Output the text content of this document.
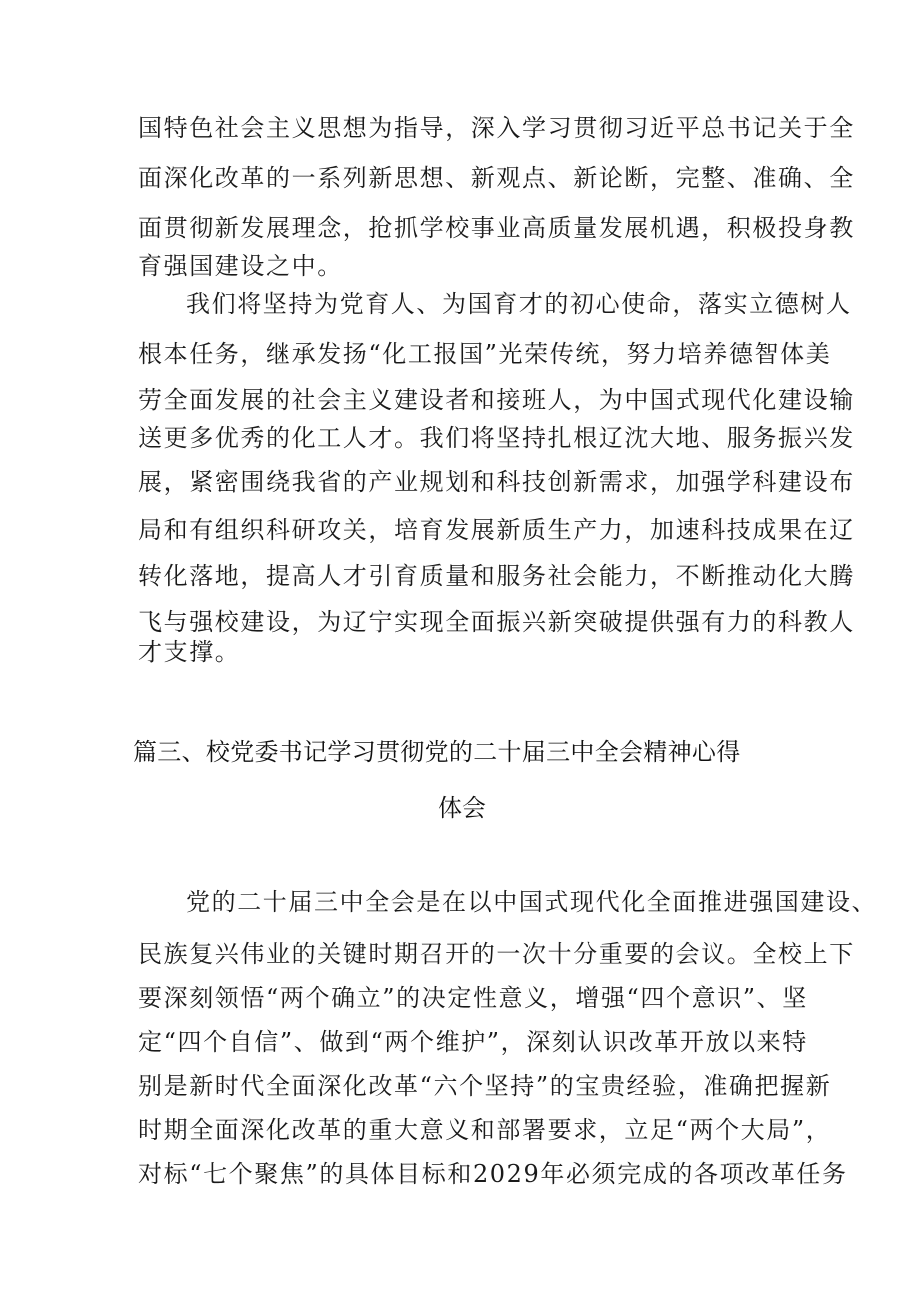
国特色社会主义思想为指导，深入学习贯彻习近平总书记关于全
面深化改革的一系列新思想、新观点、新论断，完整、准确、全
面贯彻新发展理念，抢抓学校事业高质量发展机遇，积极投身教
育强国建设之中。
我们将坚持为党育人、为国育才的初心使命，落实立德树人
根本任务，继承发扬“化工报国”光荣传统，努力培养德智体美
劳全面发展的社会主义建设者和接班人，为中国式现代化建设输
送更多优秀的化工人才。我们将坚持扎根辽沈大地、服务振兴发
展，紧密围绕我省的产业规划和科技创新需求，加强学科建设布
局和有组织科研攻关，培育发展新质生产力，加速科技成果在辽
转化落地，提高人才引育质量和服务社会能力，不断推动化大腾
飞与强校建设，为辽宁实现全面振兴新突破提供强有力的科教人
才支撑。
篇三、校党委书记学习贯彻党的二十届三中全会精神心得
体会
党的二十届三中全会是在以中国式现代化全面推进强国建设、
民族复兴伟业的关键时期召开的一次十分重要的会议。全校上下
要深刻领悟“两个确立”的决定性意义，增强“四个意识”、坚
定“四个自信”、做到“两个维护”，深刻认识改革开放以来特
别是新时代全面深化改革“六个坚持”的宝贵经验，准确把握新
时期全面深化改革的重大意义和部署要求，立足“两个大局”，
对标“七个聚焦”的具体目标和2029年必须完成的各项改革任务
